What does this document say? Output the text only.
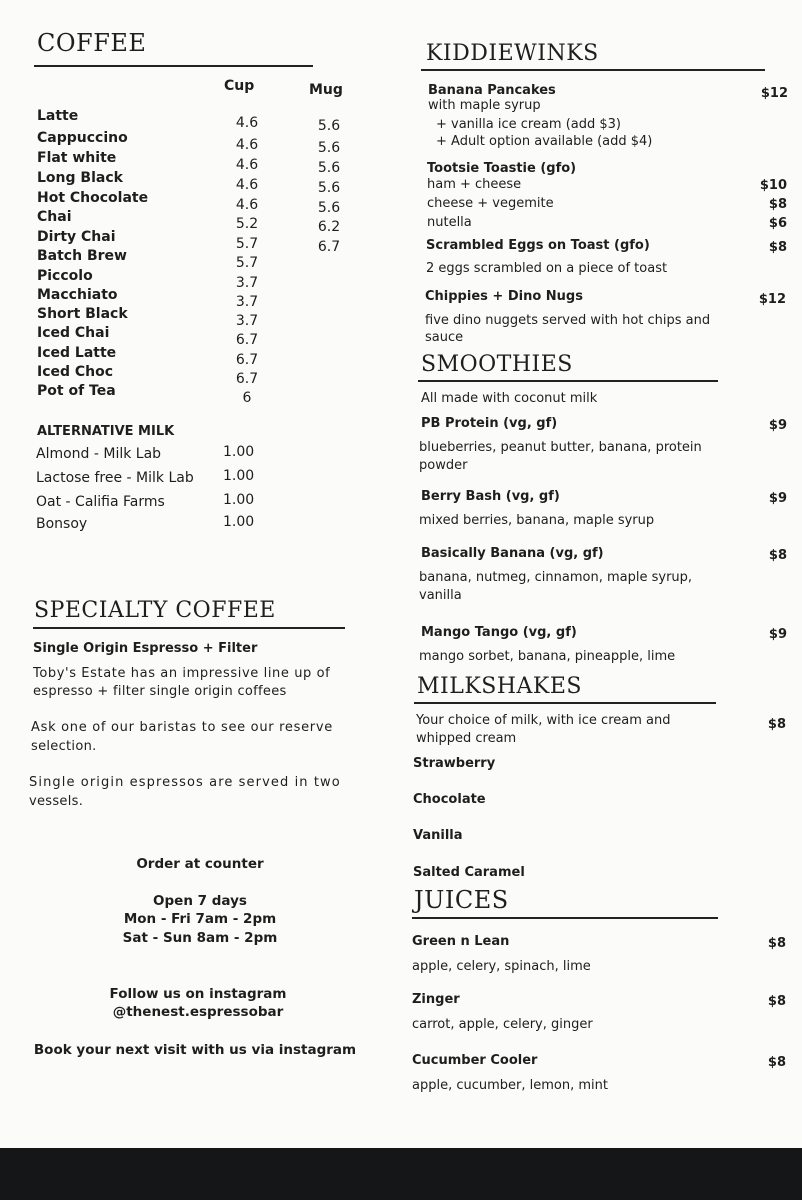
COFFEE
Cup	Mug
Latte	4.6	5.6
Cappuccino	4.6	5.6
Flat white	4.6	5.6
Long Black	4.6	5.6
Hot Chocolate	4.6	5.6
Chai	5.2	6.2
Dirty Chai	5.7	6.7
Batch Brew	5.7
Piccolo	3.7
Macchiato	3.7
Short Black	3.7
Iced Chai	6.7
Iced Latte	6.7
Iced Choc	6.7
Pot of Tea	6
ALTERNATIVE MILK
Almond - Milk Lab	1.00
Lactose free - Milk Lab 1.00
Oat - Califia Farms	1.00
Bonsoy	1.00
SPECIALTY COFFEE
Single Origin Espresso + Filter
Toby's Estate has an impressive line up of
espresso + filter single origin coffees
Ask one of our baristas to see our reserve
selection.
Single origin espressos are served in two
vessels.
Order at counter
Open 7 days
Mon - Fri 7am - 2pm
Sat - Sun 8am - 2pm
Follow us on instagram
@thenest.espressobar
Book your next visit with us via instagram
KIDDIEWINKS
Banana Pancakes	$12
with maple syrup
+ vanilla ice cream (add $3)
+ Adult option available (add $4)
Tootsie Toastie (gfo)
ham + cheese	$10
cheese + vegemite	$8
nutella	$6
Scrambled Eggs on Toast (gfo)	$8
2 eggs scrambled on a piece of toast
Chippies + Dino Nugs	$12
five dino nuggets served with hot chips and
sauce
SMOOTHIES
All made with coconut milk
PB Protein (vg, gf)	$9
blueberries, peanut butter, banana, protein
powder
Berry Bash (vg, gf)	$9
mixed berries, banana, maple syrup
Basically Banana (vg, gf)	$8
banana, nutmeg, cinnamon, maple syrup,
vanilla
Mango Tango (vg, gf)	$9
mango sorbet, banana, pineapple, lime
MILKSHAKES
Your choice of milk, with ice cream and
whipped cream
$8
Strawberry
Chocolate
Vanilla
Salted Caramel
JUICES
Green n Lean	$8
apple, celery, spinach, lime
Zinger	$8
carrot, apple, celery, ginger
Cucumber Cooler	$8
apple, cucumber, lemon, mint
